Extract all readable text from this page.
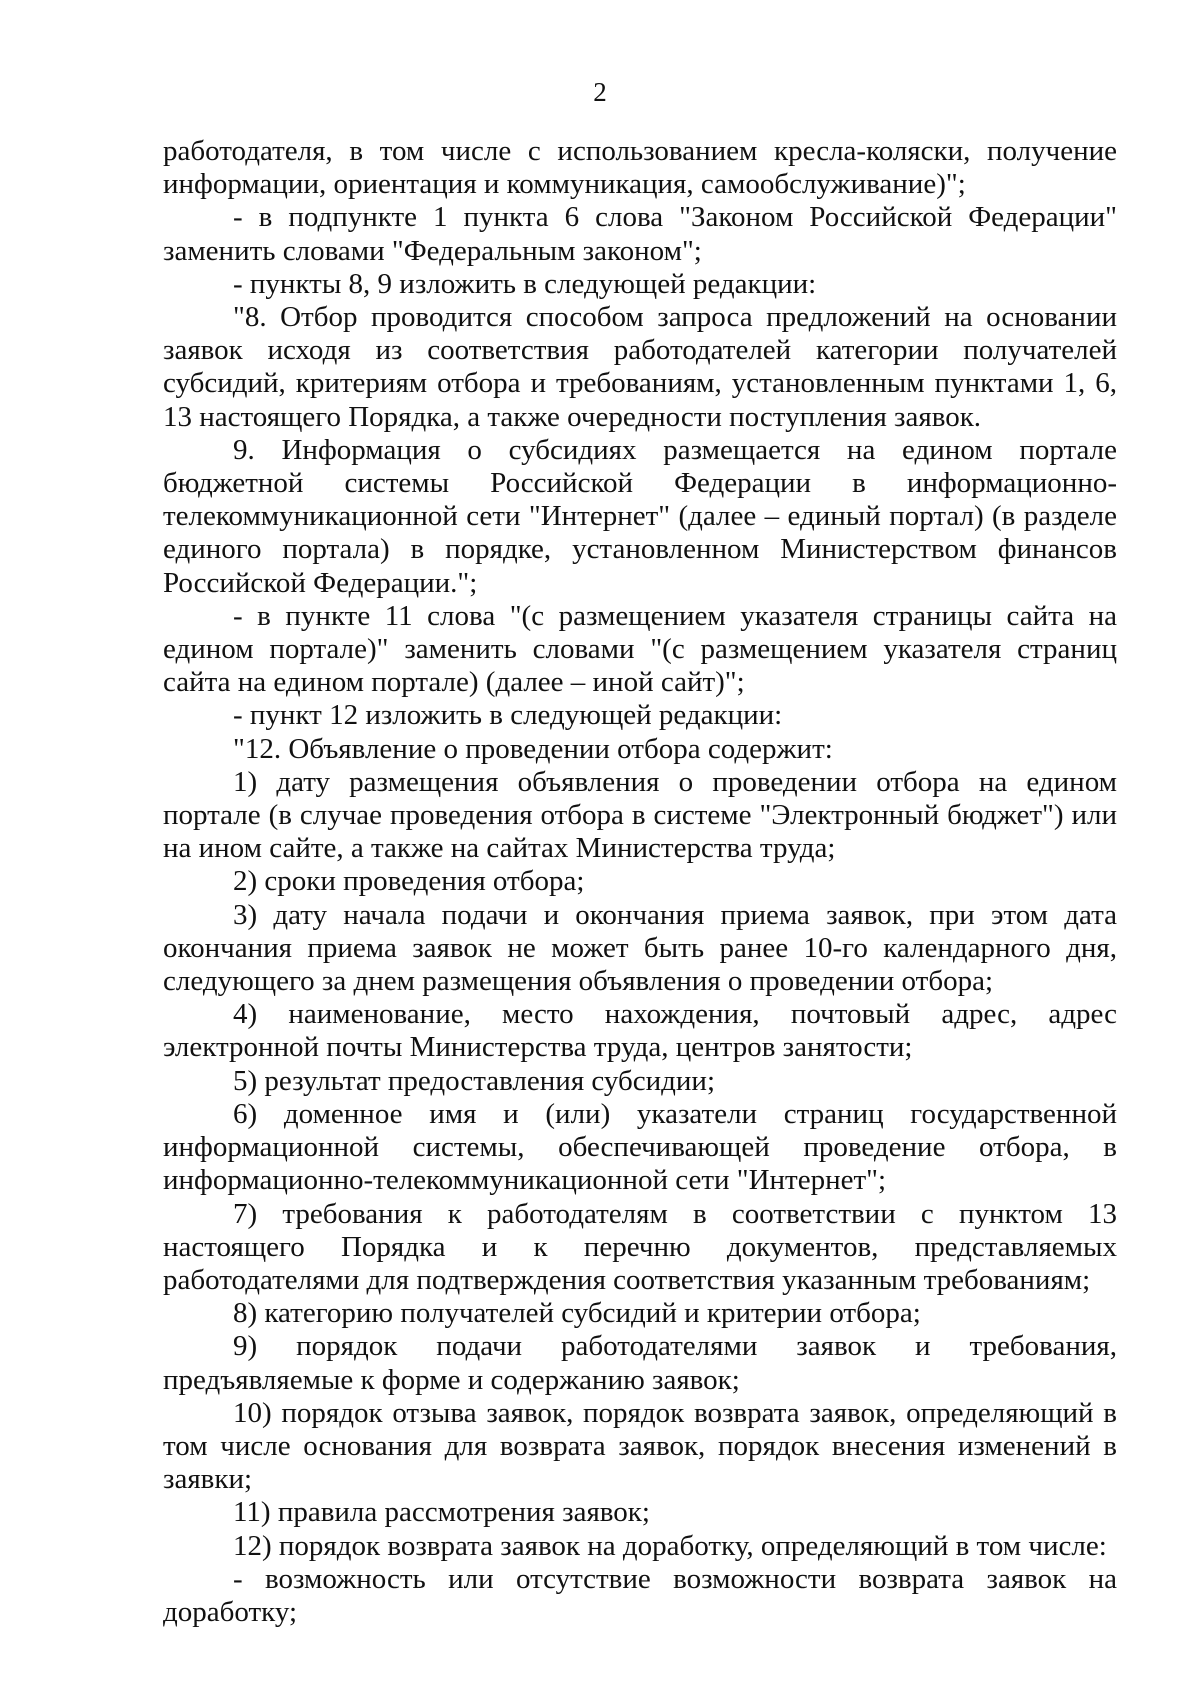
2

работодателя, в том числе с использованием кресла-коляски, получение информации, ориентация и коммуникация, самообслуживание)";

- в подпункте 1 пункта 6 слова "Законом Российской Федерации" заменить словами "Федеральным законом";

- пункты 8, 9 изложить в следующей редакции:

"8. Отбор проводится способом запроса предложений на основании заявок исходя из соответствия работодателей категории получателей субсидий, критериям отбора и требованиям, установленным пунктами 1, 6, 13 настоящего Порядка, а также очередности поступления заявок.

9. Информация о субсидиях размещается на едином портале бюджетной системы Российской Федерации в информационно-телекоммуникационной сети "Интернет" (далее – единый портал) (в разделе единого портала) в порядке, установленном Министерством финансов Российской Федерации.";

- в пункте 11 слова "(с размещением указателя страницы сайта на едином портале)" заменить словами "(с размещением указателя страниц сайта на едином портале) (далее – иной сайт)";

- пункт 12 изложить в следующей редакции:

"12. Объявление о проведении отбора содержит:

1) дату размещения объявления о проведении отбора на едином портале (в случае проведения отбора в системе "Электронный бюджет") или на ином сайте, а также на сайтах Министерства труда;

2) сроки проведения отбора;

3) дату начала подачи и окончания приема заявок, при этом дата окончания приема заявок не может быть ранее 10-го календарного дня, следующего за днем размещения объявления о проведении отбора;

4) наименование, место нахождения, почтовый адрес, адрес электронной почты Министерства труда, центров занятости;

5) результат предоставления субсидии;

6) доменное имя и (или) указатели страниц государственной информационной системы, обеспечивающей проведение отбора, в информационно-телекоммуникационной сети "Интернет";

7) требования к работодателям в соответствии с пунктом 13 настоящего Порядка и к перечню документов, представляемых работодателями для подтверждения соответствия указанным требованиям;

8) категорию получателей субсидий и критерии отбора;

9) порядок подачи работодателями заявок и требования, предъявляемые к форме и содержанию заявок;

10) порядок отзыва заявок, порядок возврата заявок, определяющий в том числе основания для возврата заявок, порядок внесения изменений в заявки;

11) правила рассмотрения заявок;

12) порядок возврата заявок на доработку, определяющий в том числе:

- возможность или отсутствие возможности возврата заявок на доработку;
